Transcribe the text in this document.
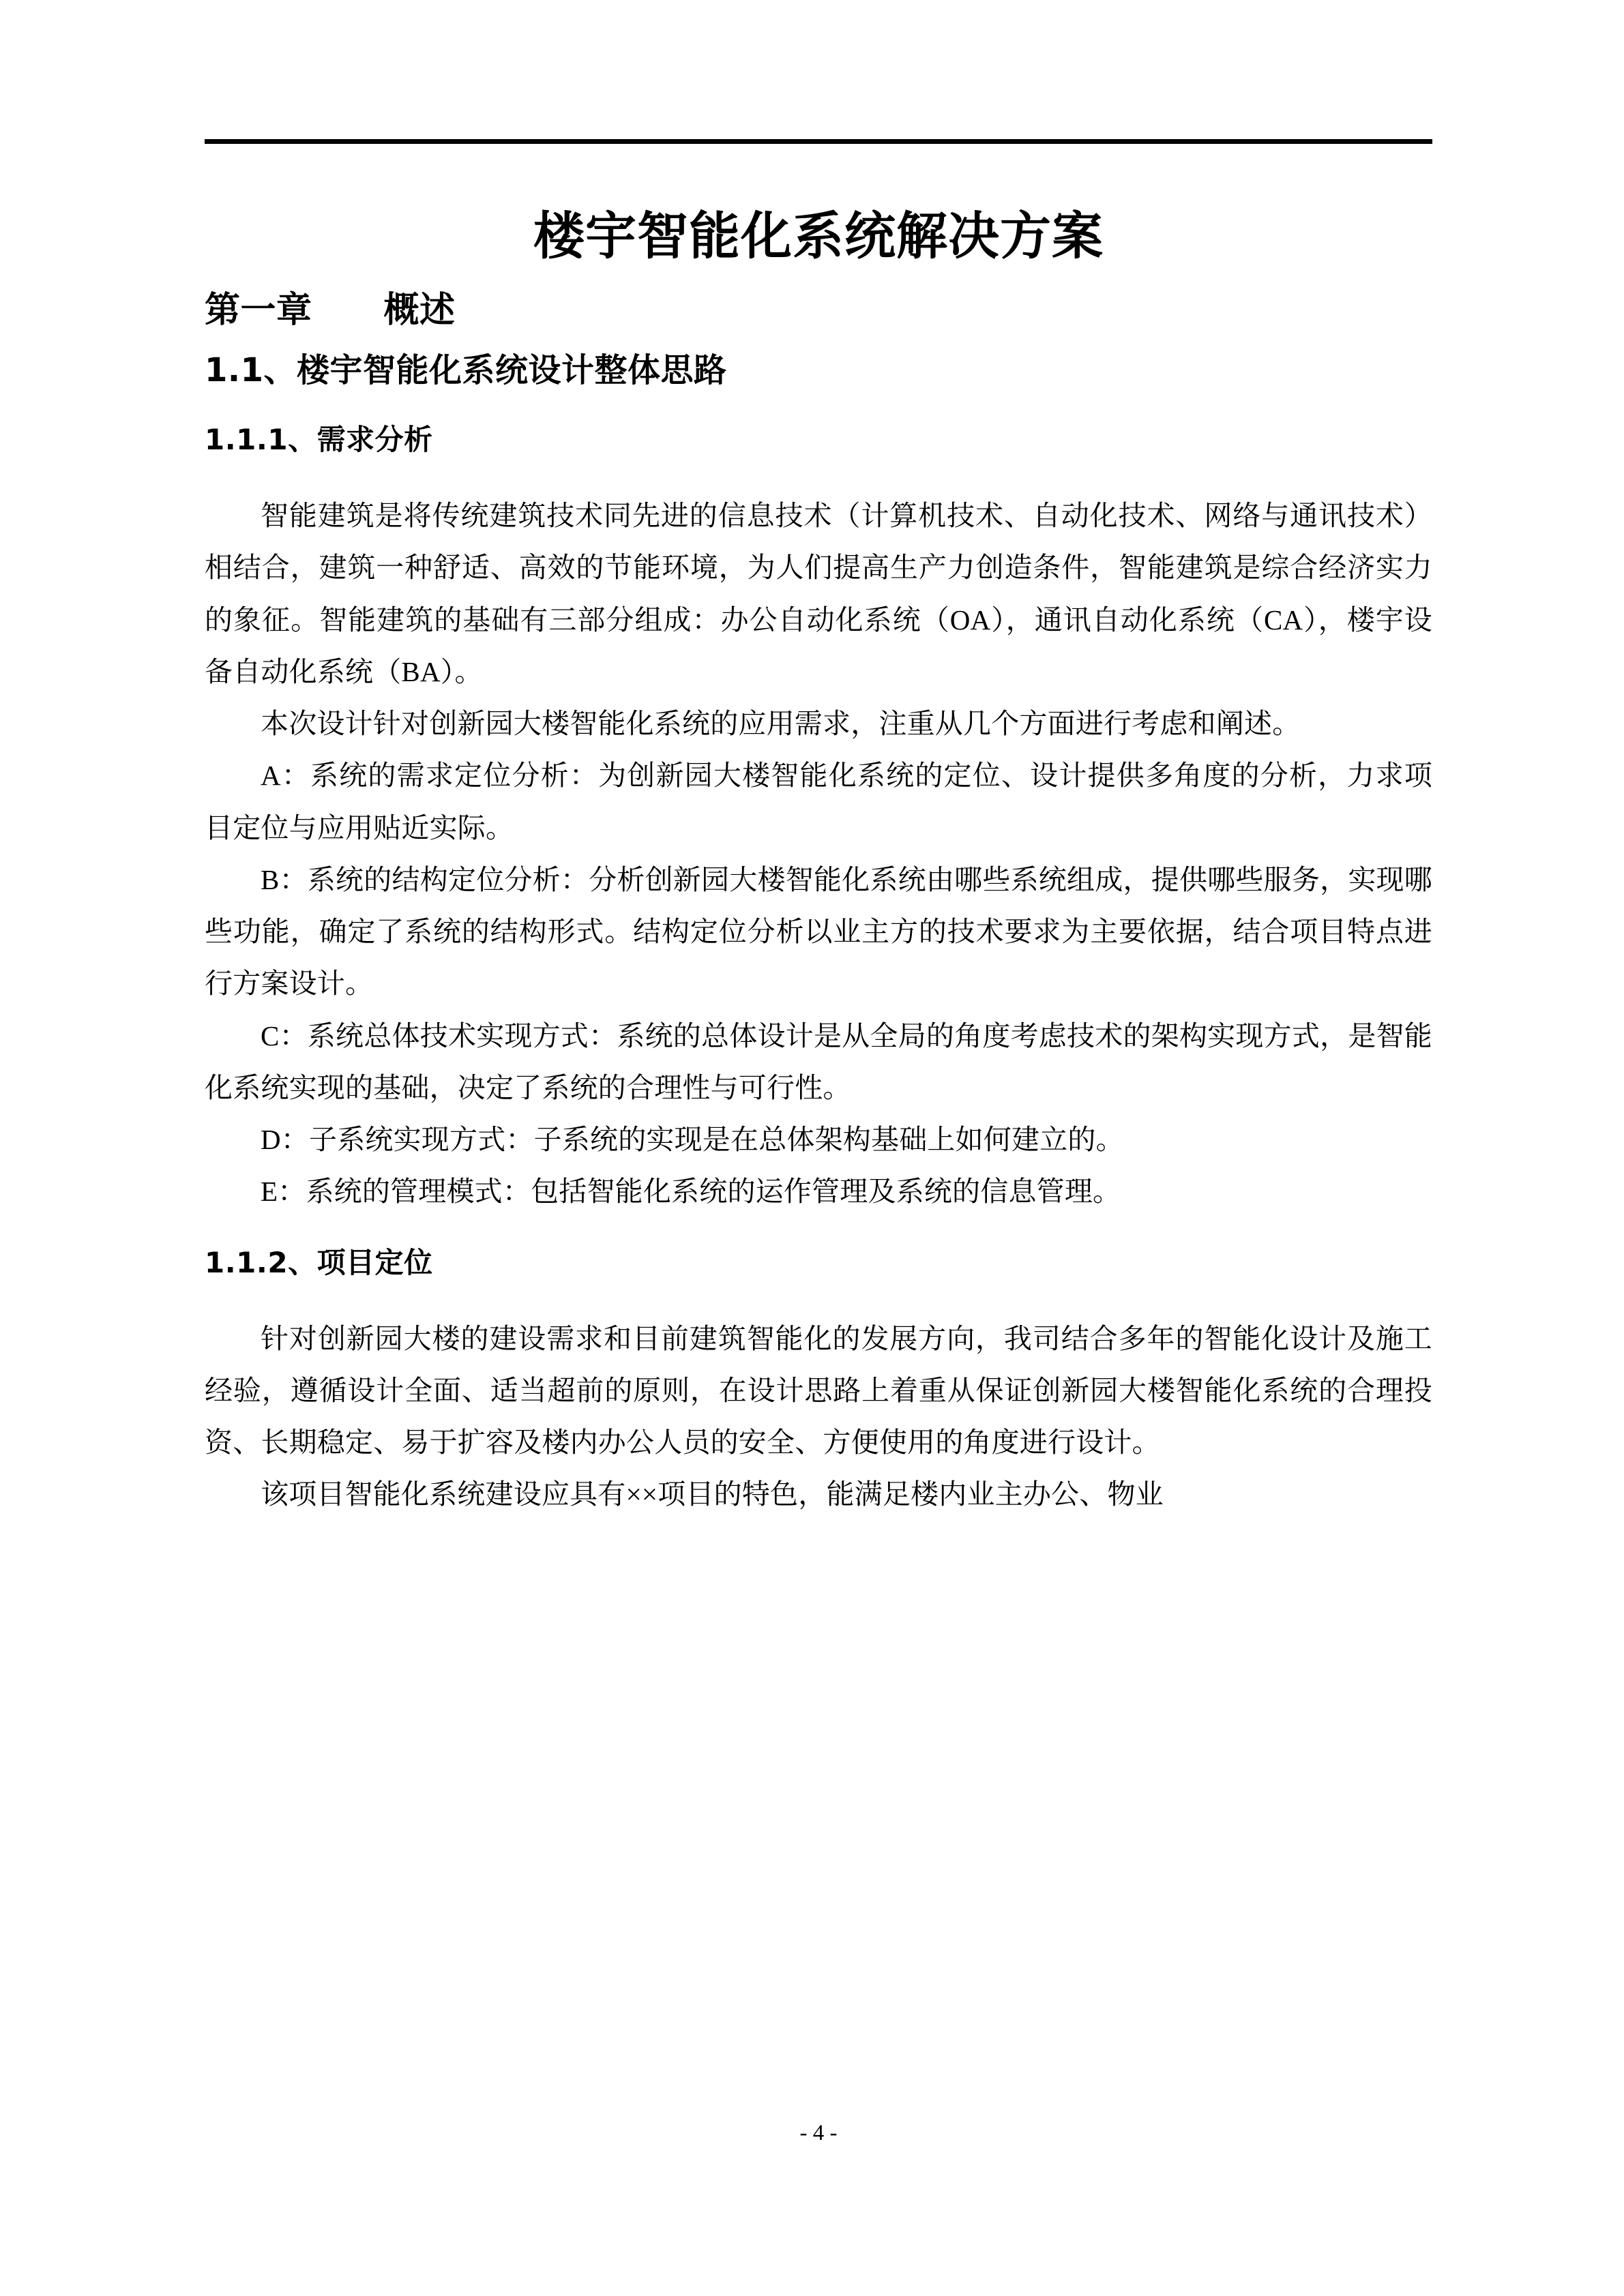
楼宇智能化系统解决方案
第一章　　概述
1.1、楼宇智能化系统设计整体思路
1.1.1、需求分析

智能建筑是将传统建筑技术同先进的信息技术（计算机技术、自动化技术、网络与通讯技术） 相结合，建筑一种舒适、高效的节能环境，为人们提高生产力创造条件，智能建筑是综合经济实力 的象征。智能建筑的基础有三部分组成：办公自动化系统（OA），通讯自动化系统（CA），楼宇设备自动化系统（BA）。

本次设计针对创新园大楼智能化系统的应用需求，注重从几个方面进行考虑和阐述。

A：系统的需求定位分析：为创新园大楼智能化系统的定位、设计提供多角度的分析，力求项目定位与应用贴近实际。

B：系统的结构定位分析：分析创新园大楼智能化系统由哪些系统组成，提供哪些服务，实现哪些功能，确定了系统的结构形式。结构定位分析以业主方的技术要求为主要依据，结合项目特点进行方案设计。

C：系统总体技术实现方式：系统的总体设计是从全局的角度考虑技术的架构实现方式，是智能化系统实现的基础，决定了系统的合理性与可行性。

D：子系统实现方式：子系统的实现是在总体架构基础上如何建立的。

E：系统的管理模式：包括智能化系统的运作管理及系统的信息管理。

1.1.2、项目定位

针对创新园大楼的建设需求和目前建筑智能化的发展方向，我司结合多年的智能化设计及施工经验，遵循设计全面、适当超前的原则，在设计思路上着重从保证创新园大楼智能化系统的合理投资、长期稳定、易于扩容及楼内办公人员的安全、方便使用的角度进行设计。

该项目智能化系统建设应具有××项目的特色，能满足楼内业主办公、物业

- 4 -
